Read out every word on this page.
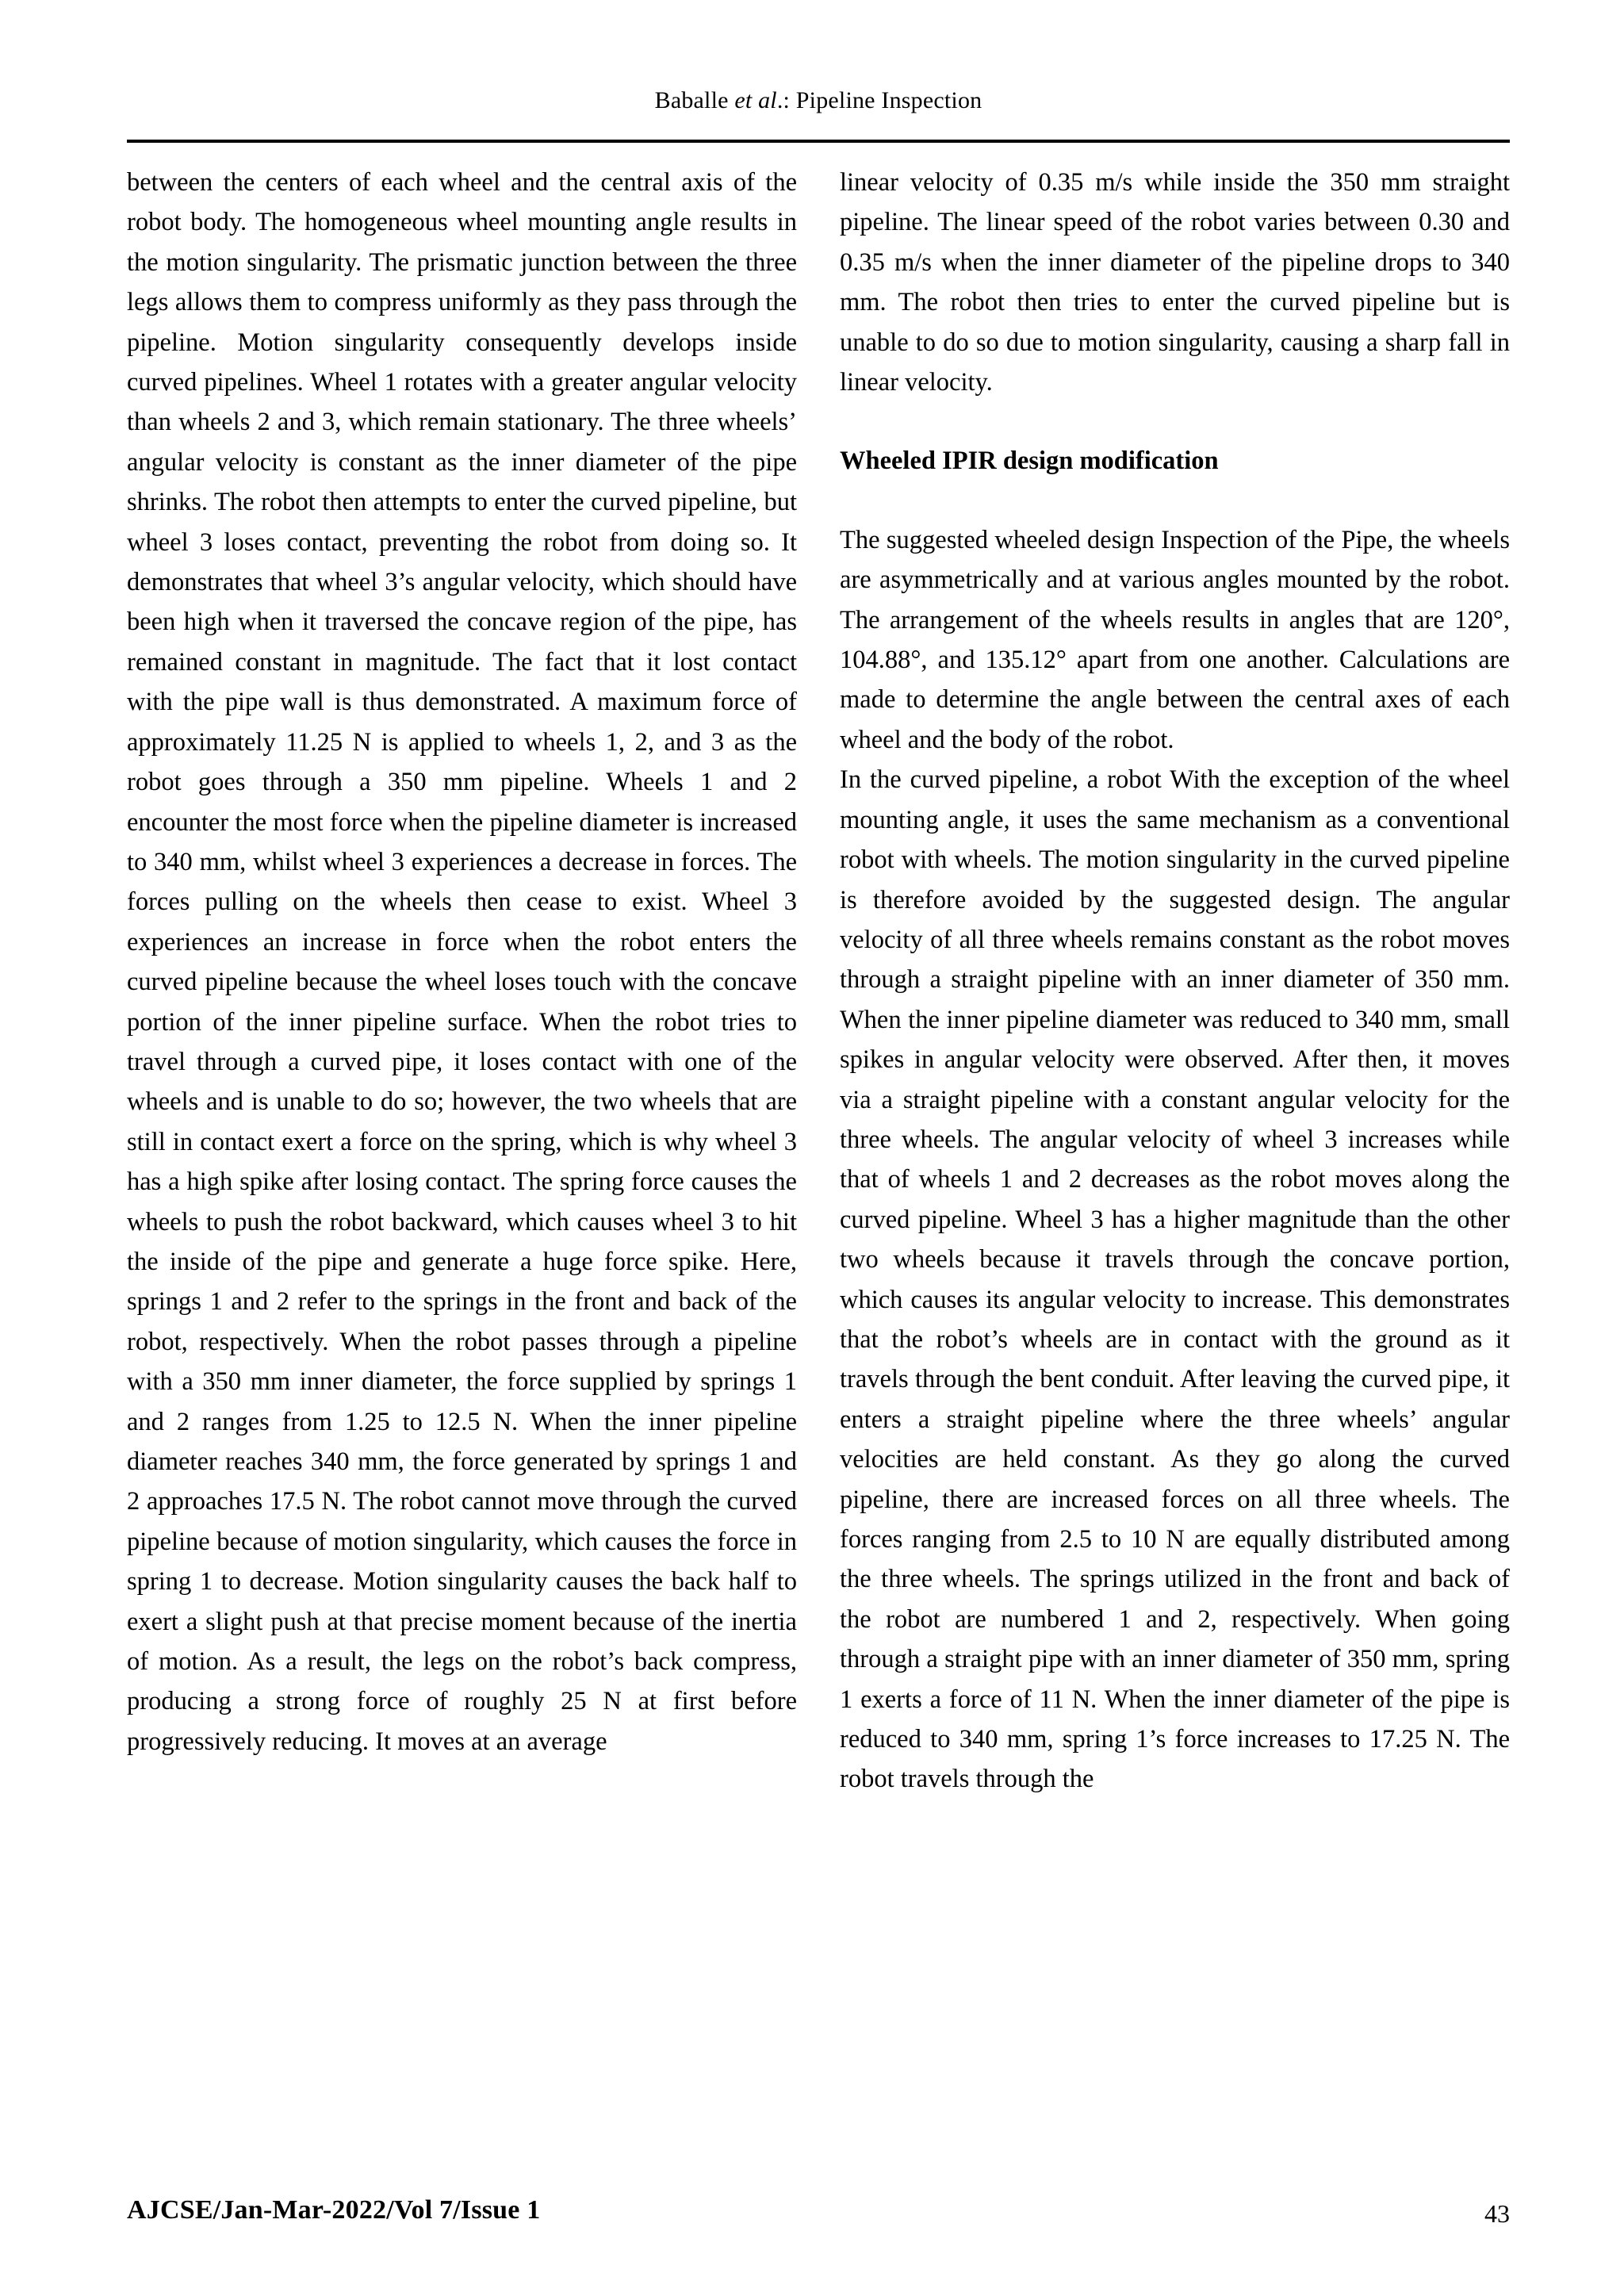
Baballe et al.: Pipeline Inspection

between the centers of each wheel and the central axis of the robot body. The homogeneous wheel mounting angle results in the motion singularity. The prismatic junction between the three legs allows them to compress uniformly as they pass through the pipeline. Motion singularity consequently develops inside curved pipelines. Wheel 1 rotates with a greater angular velocity than wheels 2 and 3, which remain stationary. The three wheels’ angular velocity is constant as the inner diameter of the pipe shrinks. The robot then attempts to enter the curved pipeline, but wheel 3 loses contact, preventing the robot from doing so. It demonstrates that wheel 3’s angular velocity, which should have been high when it traversed the concave region of the pipe, has remained constant in magnitude. The fact that it lost contact with the pipe wall is thus demonstrated. A maximum force of approximately 11.25 N is applied to wheels 1, 2, and 3 as the robot goes through a 350 mm pipeline. Wheels 1 and 2 encounter the most force when the pipeline diameter is increased to 340 mm, whilst wheel 3 experiences a decrease in forces. The forces pulling on the wheels then cease to exist. Wheel 3 experiences an increase in force when the robot enters the curved pipeline because the wheel loses touch with the concave portion of the inner pipeline surface. When the robot tries to travel through a curved pipe, it loses contact with one of the wheels and is unable to do so; however, the two wheels that are still in contact exert a force on the spring, which is why wheel 3 has a high spike after losing contact. The spring force causes the wheels to push the robot backward, which causes wheel 3 to hit the inside of the pipe and generate a huge force spike. Here, springs 1 and 2 refer to the springs in the front and back of the robot, respectively. When the robot passes through a pipeline with a 350 mm inner diameter, the force supplied by springs 1 and 2 ranges from 1.25 to 12.5 N. When the inner pipeline diameter reaches 340 mm, the force generated by springs 1 and 2 approaches 17.5 N. The robot cannot move through the curved pipeline because of motion singularity, which causes the force in spring 1 to decrease. Motion singularity causes the back half to exert a slight push at that precise moment because of the inertia of motion. As a result, the legs on the robot’s back compress, producing a strong force of roughly 25 N at first before progressively reducing. It moves at an average

linear velocity of 0.35 m/s while inside the 350 mm straight pipeline. The linear speed of the robot varies between 0.30 and 0.35 m/s when the inner diameter of the pipeline drops to 340 mm. The robot then tries to enter the curved pipeline but is unable to do so due to motion singularity, causing a sharp fall in linear velocity.

Wheeled IPIR design modification

The suggested wheeled design Inspection of the Pipe, the wheels are asymmetrically and at various angles mounted by the robot. The arrangement of the wheels results in angles that are 120°, 104.88°, and 135.12° apart from one another. Calculations are made to determine the angle between the central axes of each wheel and the body of the robot.

In the curved pipeline, a robot With the exception of the wheel mounting angle, it uses the same mechanism as a conventional robot with wheels. The motion singularity in the curved pipeline is therefore avoided by the suggested design. The angular velocity of all three wheels remains constant as the robot moves through a straight pipeline with an inner diameter of 350 mm. When the inner pipeline diameter was reduced to 340 mm, small spikes in angular velocity were observed. After then, it moves via a straight pipeline with a constant angular velocity for the three wheels. The angular velocity of wheel 3 increases while that of wheels 1 and 2 decreases as the robot moves along the curved pipeline. Wheel 3 has a higher magnitude than the other two wheels because it travels through the concave portion, which causes its angular velocity to increase. This demonstrates that the robot’s wheels are in contact with the ground as it travels through the bent conduit. After leaving the curved pipe, it enters a straight pipeline where the three wheels’ angular velocities are held constant. As they go along the curved pipeline, there are increased forces on all three wheels. The forces ranging from 2.5 to 10 N are equally distributed among the three wheels. The springs utilized in the front and back of the robot are numbered 1 and 2, respectively. When going through a straight pipe with an inner diameter of 350 mm, spring 1 exerts a force of 11 N. When the inner diameter of the pipe is reduced to 340 mm, spring 1’s force increases to 17.25 N. The robot travels through the

AJCSE/Jan-Mar-2022/Vol 7/Issue 1	43
